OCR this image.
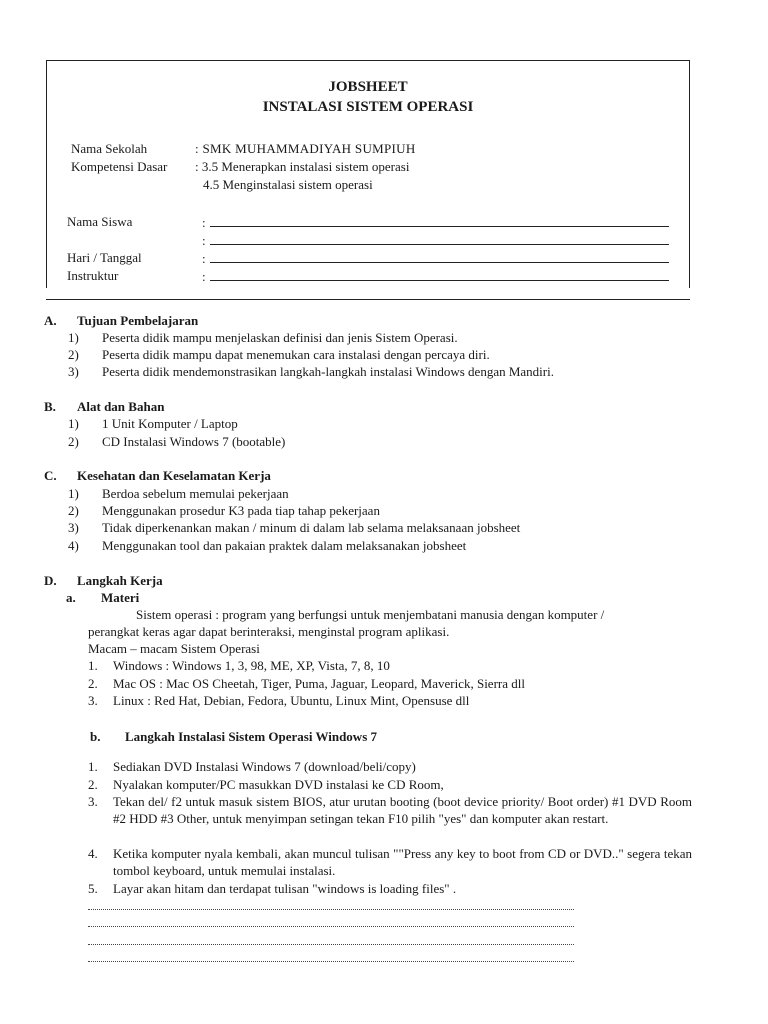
JOBSHEET
INSTALASI SISTEM OPERASI
Nama Sekolah	: SMK MUHAMMADIYAH SUMPIUH
Kompetensi Dasar : 3.5 Menerapkan instalasi sistem operasi
4.5 Menginstalasi sistem operasi
Nama Siswa	:
:
Hari / Tanggal	:
Instruktur	:
A. Tujuan Pembelajaran
1) Peserta didik mampu menjelaskan definisi dan jenis Sistem Operasi.
2) Peserta didik mampu dapat menemukan cara instalasi dengan percaya diri.
3) Peserta didik mendemonstrasikan langkah-langkah instalasi Windows dengan Mandiri.
B. Alat dan Bahan
1) 1 Unit Komputer / Laptop
2) CD Instalasi Windows 7 (bootable)
C. Kesehatan dan Keselamatan Kerja
1) Berdoa sebelum memulai pekerjaan
2) Menggunakan prosedur K3 pada tiap tahap pekerjaan
3) Tidak diperkenankan makan / minum di dalam lab selama melaksanaan jobsheet
4) Menggunakan tool dan pakaian praktek dalam melaksanakan jobsheet
D. Langkah Kerja
a. Materi
Sistem operasi : program yang berfungsi untuk menjembatani manusia dengan komputer /
perangkat keras agar dapat berinteraksi, menginstal program aplikasi.
Macam – macam Sistem Operasi
1. Windows : Windows 1, 3, 98, ME, XP, Vista, 7, 8, 10
2. Mac OS : Mac OS Cheetah, Tiger, Puma, Jaguar, Leopard, Maverick, Sierra dll
3. Linux : Red Hat, Debian, Fedora, Ubuntu, Linux Mint, Opensuse dll
b. Langkah Instalasi Sistem Operasi Windows 7
1. Sediakan DVD Instalasi Windows 7 (download/beli/copy)
2. Nyalakan komputer/PC masukkan DVD instalasi ke CD Room,
3. Tekan del/ f2 untuk masuk sistem BIOS, atur urutan booting (boot device priority/ Boot order) #1 DVD Room #2 HDD #3 Other, untuk menyimpan setingan tekan F10 pilih "yes" dan komputer akan restart.
4. Ketika komputer nyala kembali, akan muncul tulisan ""Press any key to boot from CD or DVD.." segera tekan tombol keyboard, untuk memulai instalasi.
5. Layar akan hitam dan terdapat tulisan "windows is loading files" .
